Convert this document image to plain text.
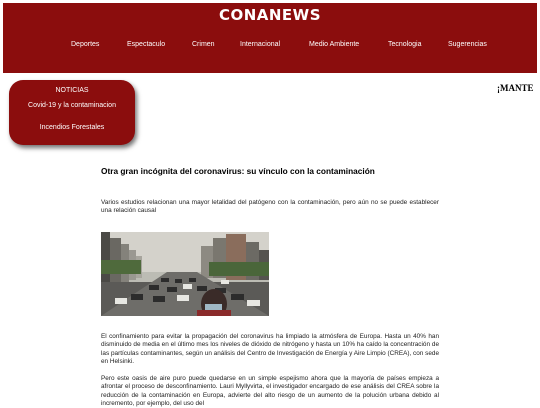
CONANEWS
Deportes	Espectaculo	Crimen	Internacional	Medio Ambiente	Tecnologia	Sugerencias
NOTICIAS
Covid-19 y la contaminacion
Incendios Forestales
¡MANTE
Otra gran incógnita del coronavirus: su vínculo con la contaminación
Varios estudios relacionan una mayor letalidad del patógeno con la contaminación, pero aún no se puede establecer una relación causal
El confinamiento para evitar la propagación del coronavirus ha limpiado la atmósfera de Europa. Hasta un 40% han disminuido de media en el último mes los niveles de dióxido de nitrógeno y hasta un 10% ha caído la concentración de las partículas contaminantes, según un análisis del Centro de Investigación de Energía y Aire Limpio (CREA), con sede en Helsinki.
Pero este oasis de aire puro puede quedarse en un simple espejismo ahora que la mayoría de países empieza a afrontar el proceso de desconfinamiento. Lauri Myllyvirta, el investigador encargado de ese análisis del CREA sobre la reducción de la contaminación en Europa, advierte del alto riesgo de un aumento de la polución urbana debido al incremento, por ejemplo, del uso del
